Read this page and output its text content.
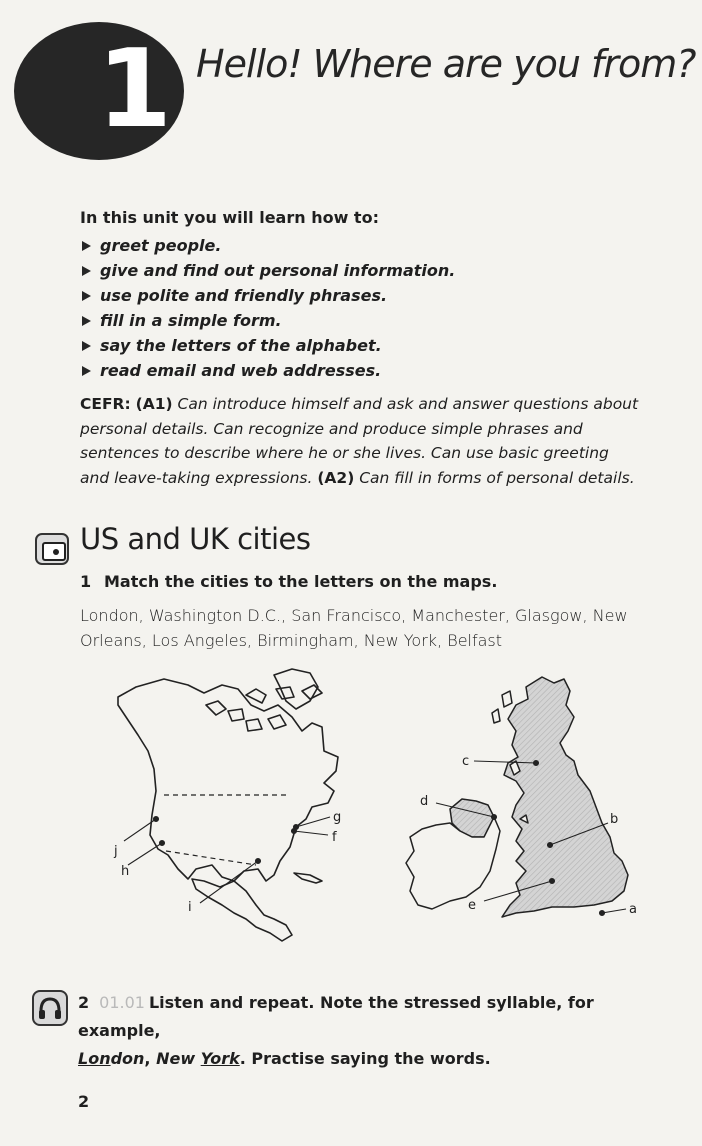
1 Hello! Where are you from?
In this unit you will learn how to:
greet people.
give and find out personal information.
use polite and friendly phrases.
fill in a simple form.
say the letters of the alphabet.
read email and web addresses.
CEFR: (A1) Can introduce himself and ask and answer questions about personal details. Can recognize and produce simple phrases and sentences to describe where he or she lives. Can use basic greeting and leave-taking expressions. (A2) Can fill in forms of personal details.
US and UK cities
1 Match the cities to the letters on the maps.
London, Washington D.C., San Francisco, Manchester, Glasgow, New Orleans, Los Angeles, Birmingham, New York, Belfast
g
f
j
h
i
c
d
b
e	a
2 01.01 Listen and repeat. Note the stressed syllable, for example,
London, New York. Practise saying the words.
2
